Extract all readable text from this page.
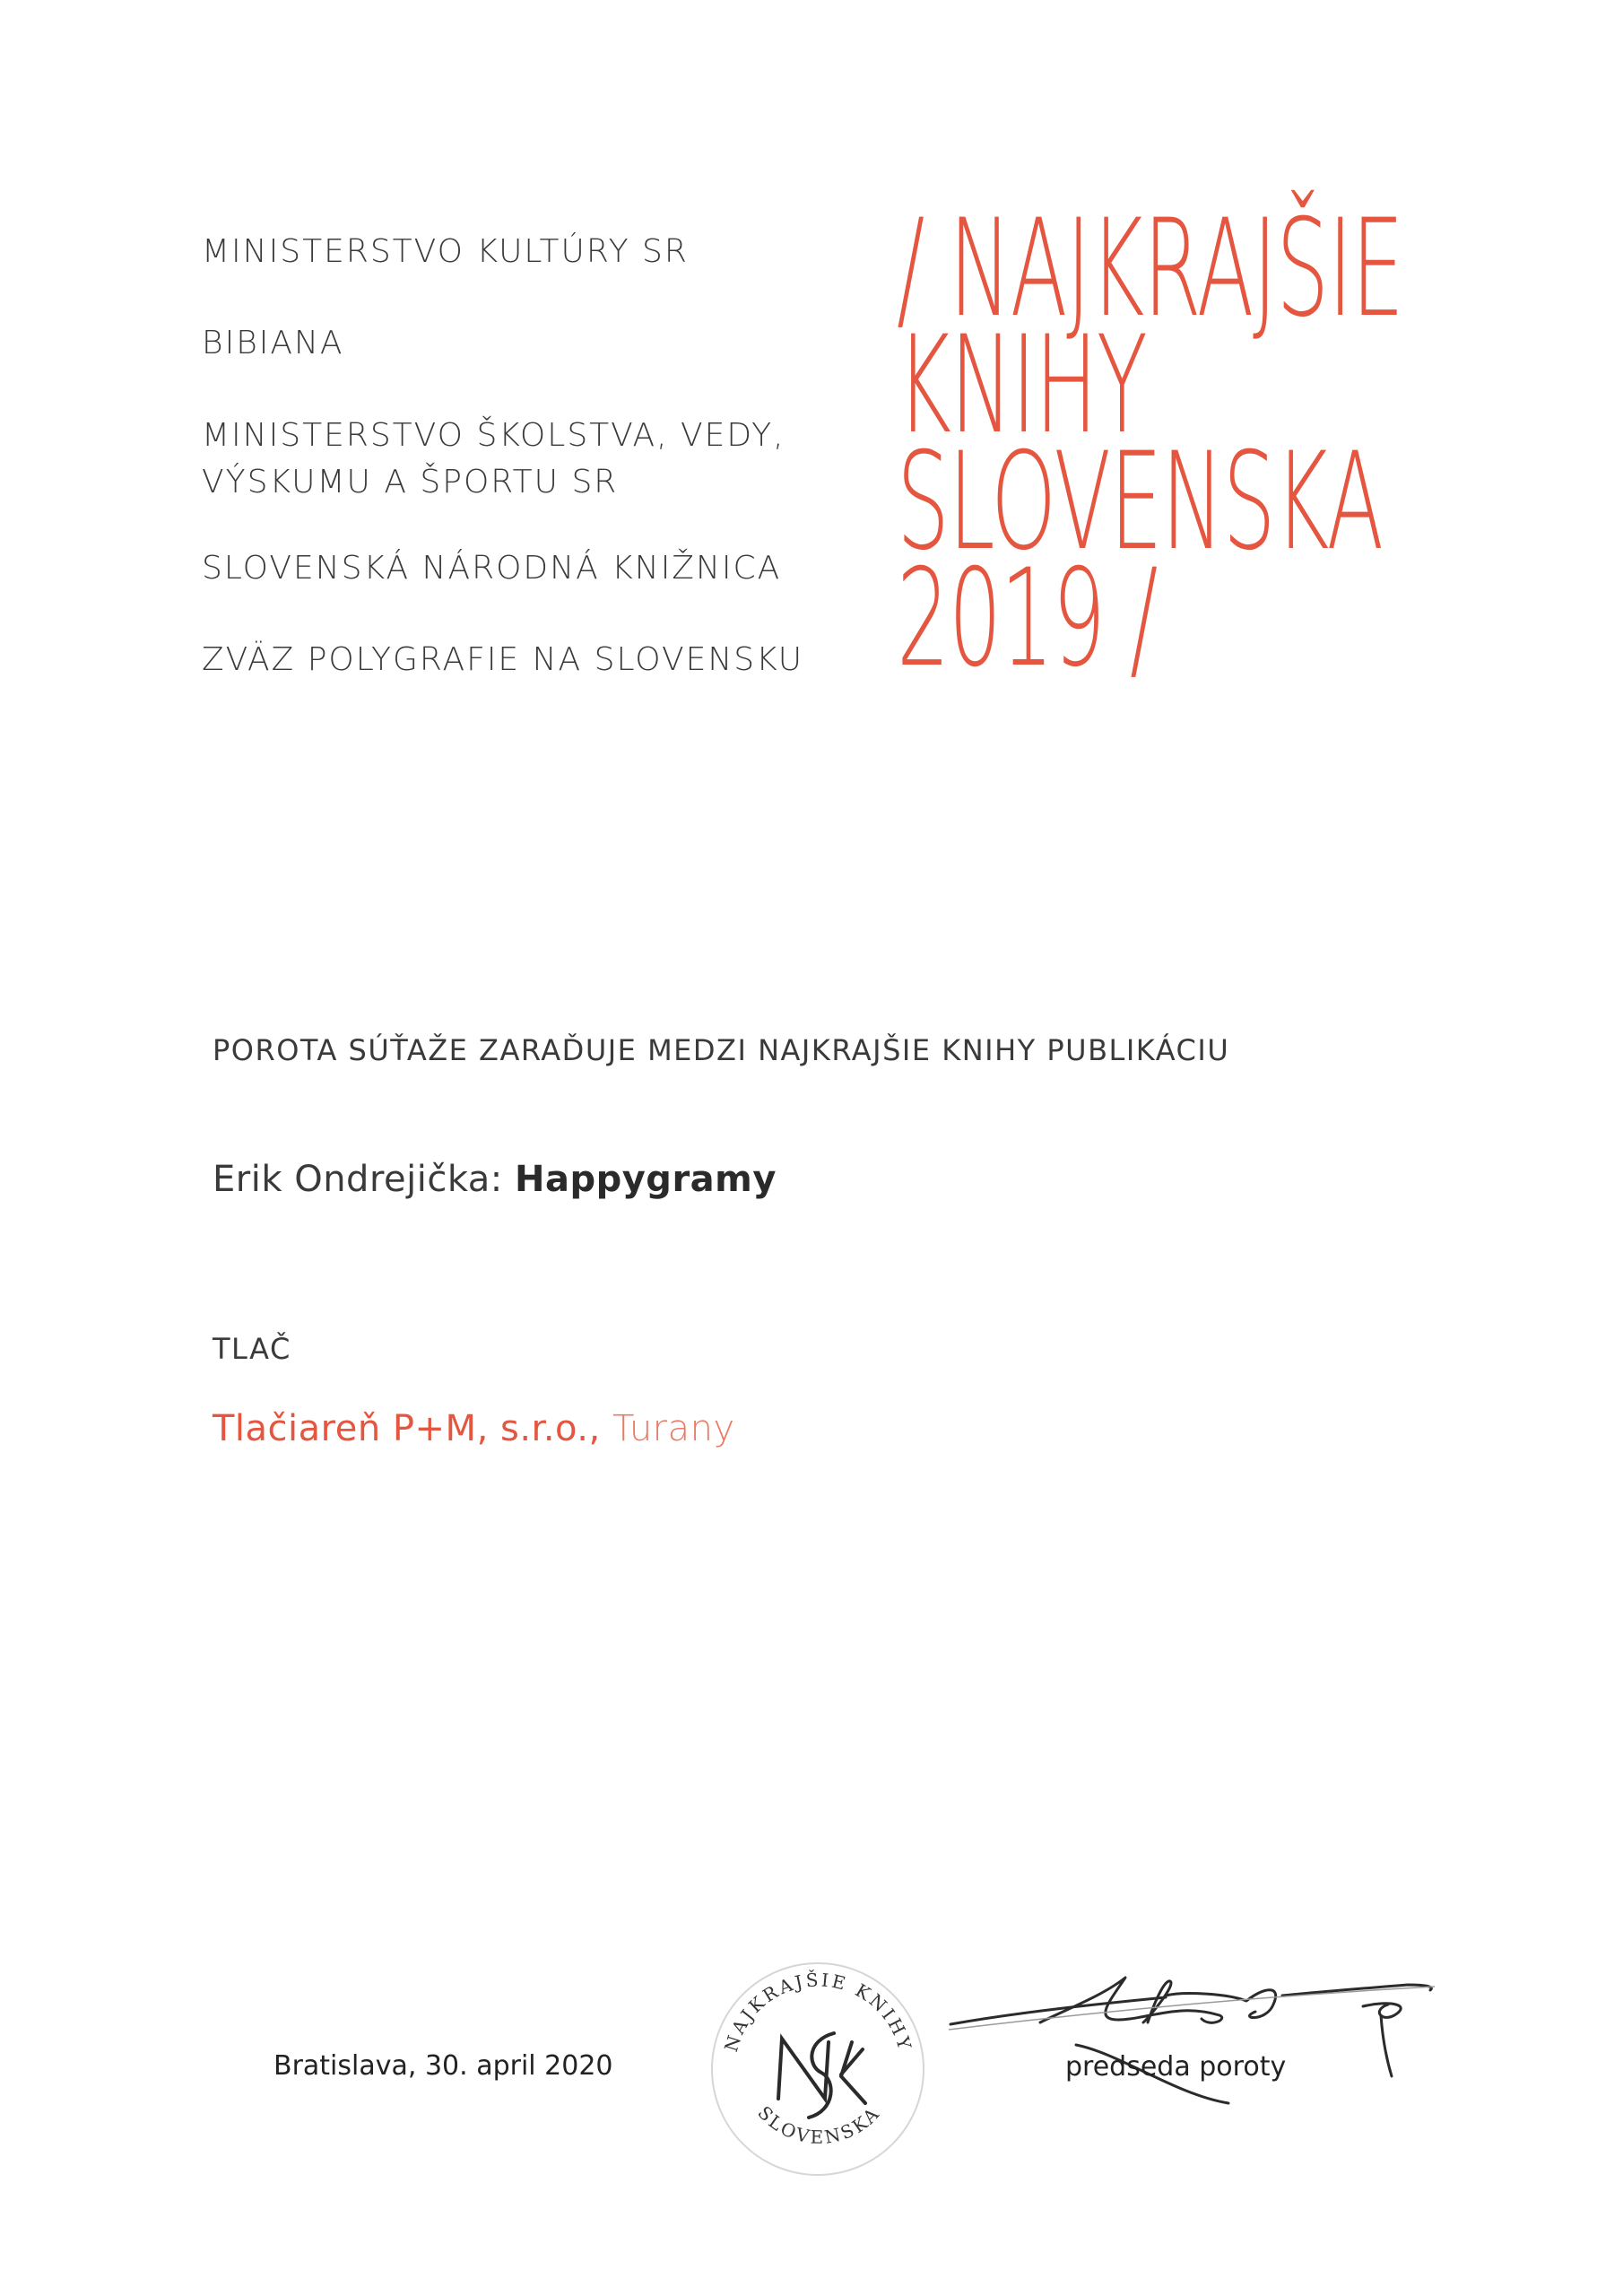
MINISTERSTVO KULTÚRY SR
BIBIANA
MINISTERSTVO ŠKOLSTVA, VEDY, VÝSKUMU A ŠPORTU SR
SLOVENSKÁ NÁRODNÁ KNIŽNICA
ZVÄZ POLYGRAFIE NA SLOVENSKU
/ NAJKRAJŠIE
KNIHY
SLOVENSKA
2019 /
POROTA SÚŤAŽE ZARAĎUJE MEDZI NAJKRAJŠIE KNIHY PUBLIKÁCIU
Erik Ondrejička: Happygramy
TLAČ
Tlačiareň P+M, s.r.o., Turany
Bratislava, 30. april 2020
NAJKRAJŠIE KNIHY
SLOVENSKA
predseda poroty
